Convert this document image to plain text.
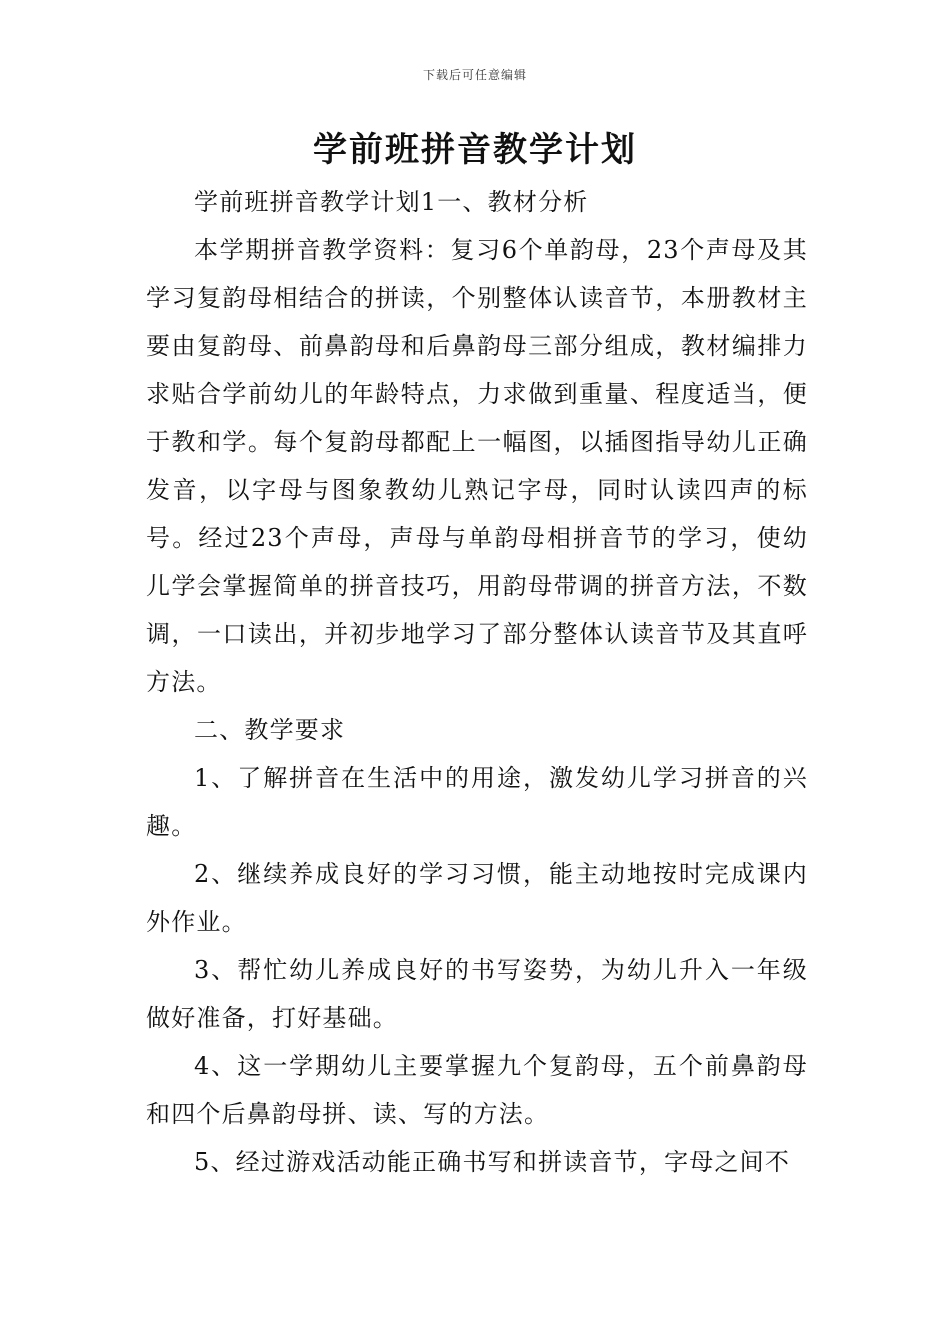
下载后可任意编辑
学前班拼音教学计划

学前班拼音教学计划1一、教材分析

本学期拼音教学资料：复习6个单韵母，23个声母及其学习复韵母相结合的拼读，个别整体认读音节，本册教材主要由复韵母、前鼻韵母和后鼻韵母三部分组成，教材编排力求贴合学前幼儿的年龄特点，力求做到重量、程度适当，便于教和学。每个复韵母都配上一幅图，以插图指导幼儿正确发音，以字母与图象教幼儿熟记字母，同时认读四声的标号。经过23个声母，声母与单韵母相拼音节的学习，使幼儿学会掌握简单的拼音技巧，用韵母带调的拼音方法，不数调，一口读出，并初步地学习了部分整体认读音节及其直呼方法。

二、教学要求

1、了解拼音在生活中的用途，激发幼儿学习拼音的兴趣。

2、继续养成良好的学习习惯，能主动地按时完成课内外作业。

3、帮忙幼儿养成良好的书写姿势，为幼儿升入一年级做好准备，打好基础。

4、这一学期幼儿主要掌握九个复韵母，五个前鼻韵母和四个后鼻韵母拼、读、写的方法。

5、经过游戏活动能正确书写和拼读音节，字母之间不
